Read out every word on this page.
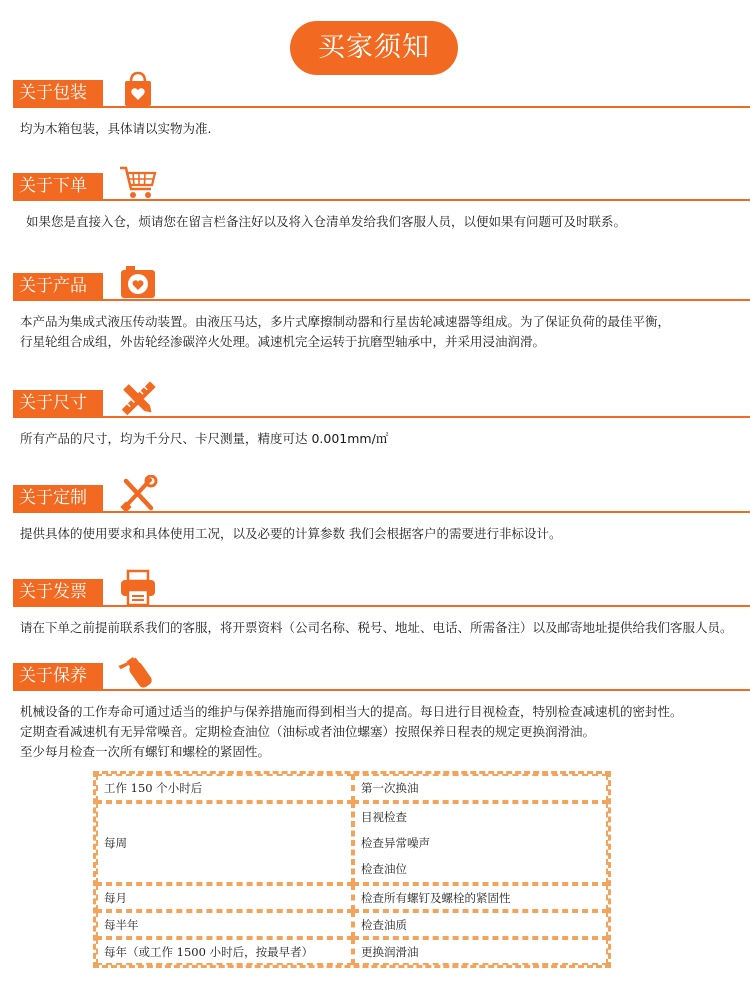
买家须知
关于包装

均为木箱包装，具体请以实物为准.

关于下单

如果您是直接入仓，烦请您在留言栏备注好以及将入仓清单发给我们客服人员，以便如果有问题可及时联系。

关于产品

本产品为集成式液压传动装置。由液压马达，多片式摩擦制动器和行星齿轮减速器等组成。为了保证负荷的最佳平衡，

行星轮组合成组，外齿轮经渗碳淬火处理。减速机完全运转于抗磨型轴承中，并采用浸油润滑。

关于尺寸

所有产品的尺寸，均为千分尺、卡尺测量，精度可达 0.001mm/㎡

关于定制

提供具体的使用要求和具体使用工况，以及必要的计算参数 我们会根据客户的需要进行非标设计。

关于发票

请在下单之前提前联系我们的客服，将开票资料（公司名称、税号、地址、电话、所需备注）以及邮寄地址提供给我们客服人员。

关于保养

机械设备的工作寿命可通过适当的维护与保养措施而得到相当大的提高。每日进行目视检查，特别检查减速机的密封性。

定期查看减速机有无异常噪音。定期检查油位（油标或者油位螺塞）按照保养日程表的规定更换润滑油。

至少每月检查一次所有螺钉和螺栓的紧固性。

工作 150 个小时后	第一次换油
每周	目视检查
检查异常噪声
检查油位

每月	检查所有螺钉及螺栓的紧固性
每半年	检查油质
每年（或工作 1500 小时后，按最早者）	更换润滑油
